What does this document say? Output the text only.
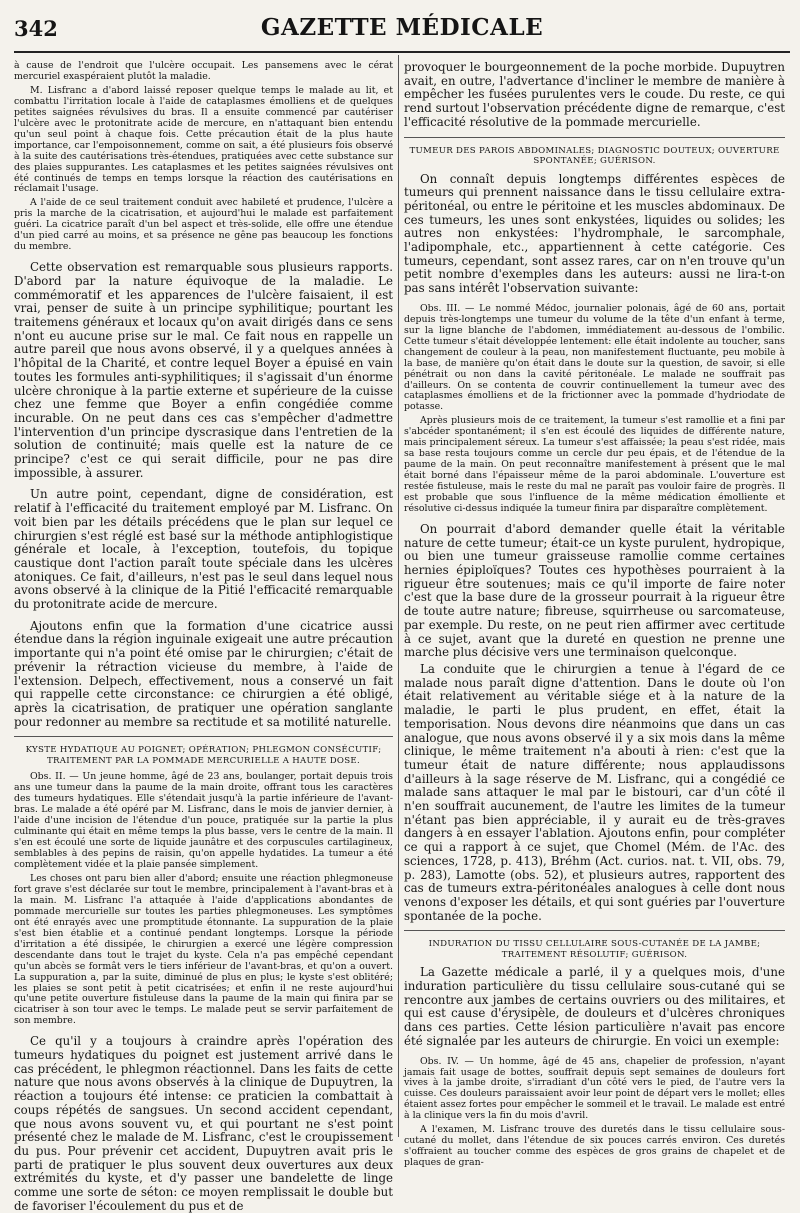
342	GAZETTE MÉDICALE

à cause de l'endroit que l'ulcère occupait. Les pansemens avec le cérat mercuriel exaspéraient plutôt la maladie.

M. Lisfranc a d'abord laissé reposer quelque temps le malade au lit, et combattu l'irritation locale à l'aide de cataplasmes émolliens et de quelques petites saignées révulsives du bras. Il a ensuite commencé par cautériser l'ulcère avec le protonitrate acide de mercure, en n'attaquant bien entendu qu'un seul point à chaque fois. Cette précaution était de la plus haute importance, car l'empoisonnement, comme on sait, a été plusieurs fois observé à la suite des cautérisations très-étendues, pratiquées avec cette substance sur des plaies suppurantes. Les cataplasmes et les petites saignées révulsives ont été continués de temps en temps lorsque la réaction des cautérisations en réclamait l'usage.

A l'aide de ce seul traitement conduit avec habileté et prudence, l'ulcère a pris la marche de la cicatrisation, et aujourd'hui le malade est parfaitement guéri. La cicatrice paraît d'un bel aspect et très-solide, elle offre une étendue d'un pied carré au moins, et sa présence ne gêne pas beaucoup les fonctions du membre.

Cette observation est remarquable sous plusieurs rapports. D'abord par la nature équivoque de la maladie. Le commémoratif et les apparences de l'ulcère faisaient, il est vrai, penser de suite à un principe syphilitique; pourtant les traitemens généraux et locaux qu'on avait dirigés dans ce sens n'ont eu aucune prise sur le mal. Ce fait nous en rappelle un autre pareil que nous avons observé, il y a quelques années à l'hôpital de la Charité, et contre lequel Boyer a épuisé en vain toutes les formules anti-syphilitiques; il s'agissait d'un énorme ulcère chronique à la partie externe et supérieure de la cuisse chez une femme que Boyer a enfin congédiée comme incurable. On ne peut dans ces cas s'empêcher d'admettre l'intervention d'un principe dyscrasique dans l'entretien de la solution de continuité; mais quelle est la nature de ce principe? c'est ce qui serait difficile, pour ne pas dire impossible, à assurer.

Un autre point, cependant, digne de considération, est relatif à l'efficacité du traitement employé par M. Lisfranc. On voit bien par les détails précédens que le plan sur lequel ce chirurgien s'est réglé est basé sur la méthode antiphlogistique générale et locale, à l'exception, toutefois, du topique caustique dont l'action paraît toute spéciale dans les ulcères atoniques. Ce fait, d'ailleurs, n'est pas le seul dans lequel nous avons observé à la clinique de la Pitié l'efficacité remarquable du protonitrate acide de mercure.

Ajoutons enfin que la formation d'une cicatrice aussi étendue dans la région inguinale exigeait une autre précaution importante qui n'a point été omise par le chirurgien; c'était de prévenir la rétraction vicieuse du membre, à l'aide de l'extension. Delpech, effectivement, nous a conservé un fait qui rappelle cette circonstance: ce chirurgien a été obligé, après la cicatrisation, de pratiquer une opération sanglante pour redonner au membre sa rectitude et sa motilité naturelle.

KYSTE HYDATIQUE AU POIGNET; OPÉRATION; PHLEGMON CONSÉCUTIF; TRAITEMENT PAR LA POMMADE MERCURIELLE A HAUTE DOSE.

Obs. II. — Un jeune homme, âgé de 23 ans, boulanger, portait depuis trois ans une tumeur dans la paume de la main droite, offrant tous les caractères des tumeurs hydatiques. Elle s'étendait jusqu'à la partie inférieure de l'avant-bras. Le malade a été opéré par M. Lisfranc, dans le mois de janvier dernier, à l'aide d'une incision de l'étendue d'un pouce, pratiquée sur la partie la plus culminante qui était en même temps la plus basse, vers le centre de la main. Il s'en est écoulé une sorte de liquide jaunâtre et des corpuscules cartilagineux, semblables à des pepins de raisin, qu'on appelle hydatides. La tumeur a été complètement vidée et la plaie pansée simplement.

Les choses ont paru bien aller d'abord; ensuite une réaction phlegmoneuse fort grave s'est déclarée sur tout le membre, principalement à l'avant-bras et à la main. M. Lisfranc l'a attaquée à l'aide d'applications abondantes de pommade mercurielle sur toutes les parties phlegmoneuses. Les symptômes ont été enrayés avec une promptitude étonnante. La suppuration de la plaie s'est bien établie et a continué pendant longtemps. Lorsque la période d'irritation a été dissipée, le chirurgien a exercé une légère compression descendante dans tout le trajet du kyste. Cela n'a pas empêché cependant qu'un abcès se formât vers le tiers inférieur de l'avant-bras, et qu'on a ouvert. La suppuration a, par la suite, diminué de plus en plus; le kyste s'est oblitéré; les plaies se sont petit à petit cicatrisées; et enfin il ne reste aujourd'hui qu'une petite ouverture fistuleuse dans la paume de la main qui finira par se cicatriser à son tour avec le temps. Le malade peut se servir parfaitement de son membre.

Ce qu'il y a toujours à craindre après l'opération des tumeurs hydatiques du poignet est justement arrivé dans le cas précédent, le phlegmon réactionnel. Dans les faits de cette nature que nous avons observés à la clinique de Dupuytren, la réaction a toujours été intense: ce praticien la combattait à coups répétés de sangsues. Un second accident cependant, que nous avons souvent vu, et qui pourtant ne s'est point présenté chez le malade de M. Lisfranc, c'est le croupissement du pus. Pour prévenir cet accident, Dupuytren avait pris le parti de pratiquer le plus souvent deux ouvertures aux deux extrémités du kyste, et d'y passer une bandelette de linge comme une sorte de séton: ce moyen remplissait le double but de favoriser l'écoulement du pus et de

provoquer le bourgeonnement de la poche morbide. Dupuytren avait, en outre, l'advertance d'incliner le membre de manière à empêcher les fusées purulentes vers le coude. Du reste, ce qui rend surtout l'observation précédente digne de remarque, c'est l'efficacité résolutive de la pommade mercurielle.

TUMEUR DES PAROIS ABDOMINALES; DIAGNOSTIC DOUTEUX; OUVERTURE SPONTANÉE; GUÉRISON.

On connaît depuis longtemps différentes espèces de tumeurs qui prennent naissance dans le tissu cellulaire extra-péritonéal, ou entre le péritoine et les muscles abdominaux. De ces tumeurs, les unes sont enkystées, liquides ou solides; les autres non enkystées: l'hydromphale, le sarcomphale, l'adipomphale, etc., appartiennent à cette catégorie. Ces tumeurs, cependant, sont assez rares, car on n'en trouve qu'un petit nombre d'exemples dans les auteurs: aussi ne lira-t-on pas sans intérêt l'observation suivante:

Obs. III. — Le nommé Médoc, journalier polonais, âgé de 60 ans, portait depuis très-longtemps une tumeur du volume de la tête d'un enfant à terme, sur la ligne blanche de l'abdomen, immédiatement au-dessous de l'ombilic. Cette tumeur s'était développée lentement: elle était indolente au toucher, sans changement de couleur à la peau, non manifestement fluctuante, peu mobile à la base, de manière qu'on était dans le doute sur la question, de savoir, si elle pénétrait ou non dans la cavité péritonéale. Le malade ne souffrait pas d'ailleurs. On se contenta de couvrir continuellement la tumeur avec des cataplasmes émolliens et de la frictionner avec la pommade d'hydriodate de potasse.

Après plusieurs mois de ce traitement, la tumeur s'est ramollie et a fini par s'abcéder spontanément; il s'en est écoulé des liquides de différente nature, mais principalement séreux. La tumeur s'est affaissée; la peau s'est ridée, mais sa base resta toujours comme un cercle dur peu épais, et de l'étendue de la paume de la main. On peut reconnaître manifestement à présent que le mal était borné dans l'épaisseur même de la paroi abdominale. L'ouverture est restée fistuleuse, mais le reste du mal ne paraît pas vouloir faire de progrès. Il est probable que sous l'influence de la même médication émolliente et résolutive ci-dessus indiquée la tumeur finira par disparaître complètement.

On pourrait d'abord demander quelle était la véritable nature de cette tumeur; était-ce un kyste purulent, hydropique, ou bien une tumeur graisseuse ramollie comme certaines hernies épiploïques? Toutes ces hypothèses pourraient à la rigueur être soutenues; mais ce qu'il importe de faire noter c'est que la base dure de la grosseur pourrait à la rigueur être de toute autre nature; fibreuse, squirrheuse ou sarcomateuse, par exemple. Du reste, on ne peut rien affirmer avec certitude à ce sujet, avant que la dureté en question ne prenne une marche plus décisive vers une terminaison quelconque.

La conduite que le chirurgien a tenue à l'égard de ce malade nous paraît digne d'attention. Dans le doute où l'on était relativement au véritable siége et à la nature de la maladie, le parti le plus prudent, en effet, était la temporisation. Nous devons dire néanmoins que dans un cas analogue, que nous avons observé il y a six mois dans la même clinique, le même traitement n'a abouti à rien: c'est que la tumeur était de nature différente; nous applaudissons d'ailleurs à la sage réserve de M. Lisfranc, qui a congédié ce malade sans attaquer le mal par le bistouri, car d'un côté il n'en souffrait aucunement, de l'autre les limites de la tumeur n'étant pas bien appréciable, il y aurait eu de très-graves dangers à en essayer l'ablation. Ajoutons enfin, pour compléter ce qui a rapport à ce sujet, que Chomel (Mém. de l'Ac. des sciences, 1728, p. 413), Bréhm (Act. curios. nat. t. VII, obs. 79, p. 283), Lamotte (obs. 52), et plusieurs autres, rapportent des cas de tumeurs extra-péritonéales analogues à celle dont nous venons d'exposer les détails, et qui sont guéries par l'ouverture spontanée de la poche.

INDURATION DU TISSU CELLULAIRE SOUS-CUTANÉE DE LA JAMBE; TRAITEMENT RÉSOLUTIF; GUÉRISON.

La Gazette médicale a parlé, il y a quelques mois, d'une induration particulière du tissu cellulaire sous-cutané qui se rencontre aux jambes de certains ouvriers ou des militaires, et qui est cause d'érysipèle, de douleurs et d'ulcères chroniques dans ces parties. Cette lésion particulière n'avait pas encore été signalée par les auteurs de chirurgie. En voici un exemple:

Obs. IV. — Un homme, âgé de 45 ans, chapelier de profession, n'ayant jamais fait usage de bottes, souffrait depuis sept semaines de douleurs fort vives à la jambe droite, s'irradiant d'un côté vers le pied, de l'autre vers la cuisse. Ces douleurs paraissaient avoir leur point de départ vers le mollet; elles étaient assez fortes pour empêcher le sommeil et le travail. Le malade est entré à la clinique vers la fin du mois d'avril.

A l'examen, M. Lisfranc trouve des duretés dans le tissu cellulaire sous-cutané du mollet, dans l'étendue de six pouces carrés environ. Ces duretés s'offraient au toucher comme des espèces de gros grains de chapelet et de plaques de gran-
